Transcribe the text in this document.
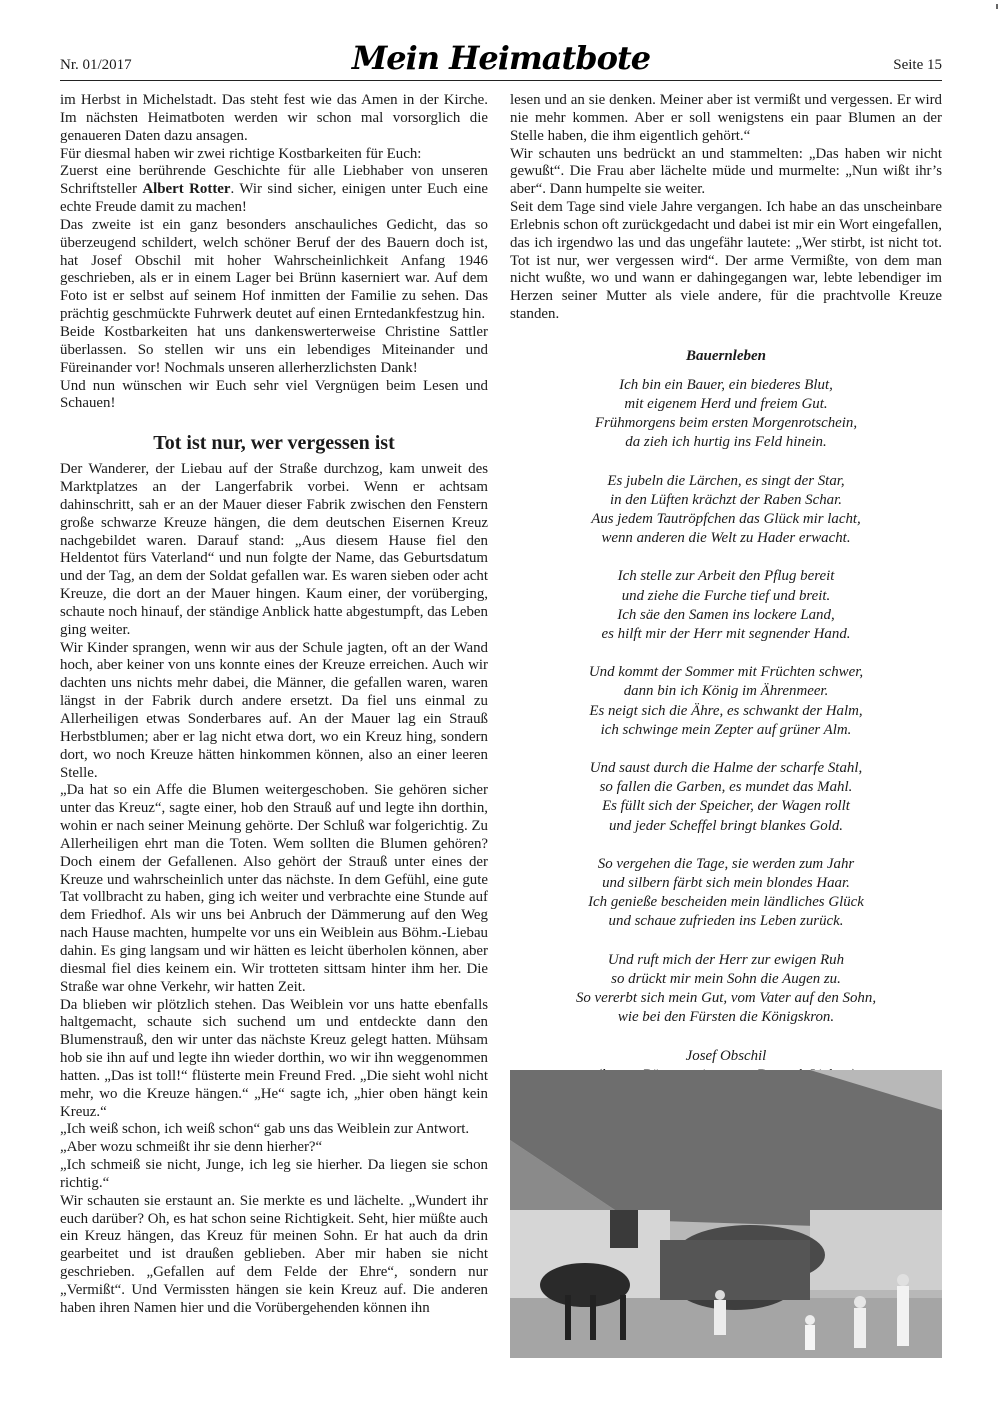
Nr. 01/2017	Mein Heimatbote	Seite 15

im Herbst in Michelstadt. Das steht fest wie das Amen in der Kirche. Im nächsten Heimatboten werden wir schon mal vorsorglich die genaueren Daten dazu ansagen.

Für diesmal haben wir zwei richtige Kostbarkeiten für Euch:

Zuerst eine berührende Geschichte für alle Liebhaber von unseren Schriftsteller Albert Rotter. Wir sind sicher, einigen unter Euch eine echte Freude damit zu machen!

Das zweite ist ein ganz besonders anschauliches Gedicht, das so überzeugend schildert, welch schöner Beruf der des Bauern doch ist, hat Josef Obschil mit hoher Wahrscheinlichkeit Anfang 1946 geschrieben, als er in einem Lager bei Brünn kaserniert war. Auf dem Foto ist er selbst auf seinem Hof inmitten der Familie zu sehen. Das prächtig geschmückte Fuhrwerk deutet auf einen Erntedankfestzug hin.

Beide Kostbarkeiten hat uns dankenswerterweise Christine Sattler überlassen. So stellen wir uns ein lebendiges Miteinander und Füreinander vor! Nochmals unseren allerherzlichsten Dank!

Und nun wünschen wir Euch sehr viel Vergnügen beim Lesen und Schauen!

Tot ist nur, wer vergessen ist

Der Wanderer, der Liebau auf der Straße durchzog, kam unweit des Marktplatzes an der Langerfabrik vorbei. Wenn er achtsam dahinschritt, sah er an der Mauer dieser Fabrik zwischen den Fenstern große schwarze Kreuze hängen, die dem deutschen Eisernen Kreuz nachgebildet waren. Darauf stand: „Aus diesem Hause fiel den Heldentot fürs Vaterland“ und nun folgte der Name, das Geburtsdatum und der Tag, an dem der Soldat gefallen war. Es waren sieben oder acht Kreuze, die dort an der Mauer hingen. Kaum einer, der vorüberging, schaute noch hinauf, der ständige Anblick hatte abgestumpft, das Leben ging weiter.

Wir Kinder sprangen, wenn wir aus der Schule jagten, oft an der Wand hoch, aber keiner von uns konnte eines der Kreuze erreichen. Auch wir dachten uns nichts mehr dabei, die Männer, die gefallen waren, waren längst in der Fabrik durch andere ersetzt. Da fiel uns einmal zu Allerheiligen etwas Sonderbares auf. An der Mauer lag ein Strauß Herbstblumen; aber er lag nicht etwa dort, wo ein Kreuz hing, sondern dort, wo noch Kreuze hätten hinkommen können, also an einer leeren Stelle.

„Da hat so ein Affe die Blumen weitergeschoben. Sie gehören sicher unter das Kreuz“, sagte einer, hob den Strauß auf und legte ihn dorthin, wohin er nach seiner Meinung gehörte. Der Schluß war folgerichtig. Zu Allerheiligen ehrt man die Toten. Wem sollten die Blumen gehören? Doch einem der Gefallenen. Also gehört der Strauß unter eines der Kreuze und wahrscheinlich unter das nächste. In dem Gefühl, eine gute Tat vollbracht zu haben, ging ich weiter und verbrachte eine Stunde auf dem Friedhof. Als wir uns bei Anbruch der Dämmerung auf den Weg nach Hause machten, humpelte vor uns ein Weiblein aus Böhm.-Liebau dahin. Es ging langsam und wir hätten es leicht überholen können, aber diesmal fiel dies keinem ein. Wir trotteten sittsam hinter ihm her. Die Straße war ohne Verkehr, wir hatten Zeit.

Da blieben wir plötzlich stehen. Das Weiblein vor uns hatte ebenfalls haltgemacht, schaute sich suchend um und entdeckte dann den Blumenstrauß, den wir unter das nächste Kreuz gelegt hatten. Mühsam hob sie ihn auf und legte ihn wieder dorthin, wo wir ihn weggenommen hatten. „Das ist toll!“ flüsterte mein Freund Fred. „Die sieht wohl nicht mehr, wo die Kreuze hängen.“ „He“ sagte ich, „hier oben hängt kein Kreuz.“

„Ich weiß schon, ich weiß schon“ gab uns das Weiblein zur Antwort.

„Aber wozu schmeißt ihr sie denn hierher?“

„Ich schmeiß sie nicht, Junge, ich leg sie hierher. Da liegen sie schon richtig.“

Wir schauten sie erstaunt an. Sie merkte es und lächelte. „Wundert ihr euch darüber? Oh, es hat schon seine Richtigkeit. Seht, hier müßte auch ein Kreuz hängen, das Kreuz für meinen Sohn. Er hat auch da drin gearbeitet und ist draußen geblieben. Aber mir haben sie nicht geschrieben. „Gefallen auf dem Felde der Ehre“, sondern nur „Vermißt“. Und Vermissten hängen sie kein Kreuz auf. Die anderen haben ihren Namen hier und die Vorübergehenden können ihn

lesen und an sie denken. Meiner aber ist vermißt und vergessen. Er wird nie mehr kommen. Aber er soll wenigstens ein paar Blumen an der Stelle haben, die ihm eigentlich gehört.“

Wir schauten uns bedrückt an und stammelten: „Das haben wir nicht gewußt“. Die Frau aber lächelte müde und murmelte: „Nun wißt ihr’s aber“. Dann humpelte sie weiter.

Seit dem Tage sind viele Jahre vergangen. Ich habe an das unscheinbare Erlebnis schon oft zurückgedacht und dabei ist mir ein Wort eingefallen, das ich irgendwo las und das ungefähr lautete: „Wer stirbt, ist nicht tot. Tot ist nur, wer vergessen wird“. Der arme Vermißte, von dem man nicht wußte, wo und wann er dahingegangen war, lebte lebendiger im Herzen seiner Mutter als viele andere, für die prachtvolle Kreuze standen.

Bauernleben
Ich bin ein Bauer, ein biederes Blut,
mit eigenem Herd und freiem Gut.
Frühmorgens beim ersten Morgenrotschein,
da zieh ich hurtig ins Feld hinein.
Es jubeln die Lärchen, es singt der Star,
in den Lüften krächzt der Raben Schar.
Aus jedem Tautröpfchen das Glück mir lacht,
wenn anderen die Welt zu Hader erwacht.
Ich stelle zur Arbeit den Pflug bereit
und ziehe die Furche tief und breit.
Ich säe den Samen ins lockere Land,
es hilft mir der Herr mit segnender Hand.
Und kommt der Sommer mit Früchten schwer,
dann bin ich König im Ährenmeer.
Es neigt sich die Ähre, es schwankt der Halm,
ich schwinge mein Zepter auf grüner Alm.
Und saust durch die Halme der scharfe Stahl,
so fallen die Garben, es mundet das Mahl.
Es füllt sich der Speicher, der Wagen rollt
und jeder Scheffel bringt blankes Gold.
So vergehen die Tage, sie werden zum Jahr
und silbern färbt sich mein blondes Haar.
Ich genieße bescheiden mein ländliches Glück
und schaue zufrieden ins Leben zurück.
Und ruft mich der Herr zur ewigen Ruh
so drückt mir mein Sohn die Augen zu.
So vererbt sich mein Gut, vom Vater auf den Sohn,
wie bei den Fürsten die Königskron.
Josef Obschil
